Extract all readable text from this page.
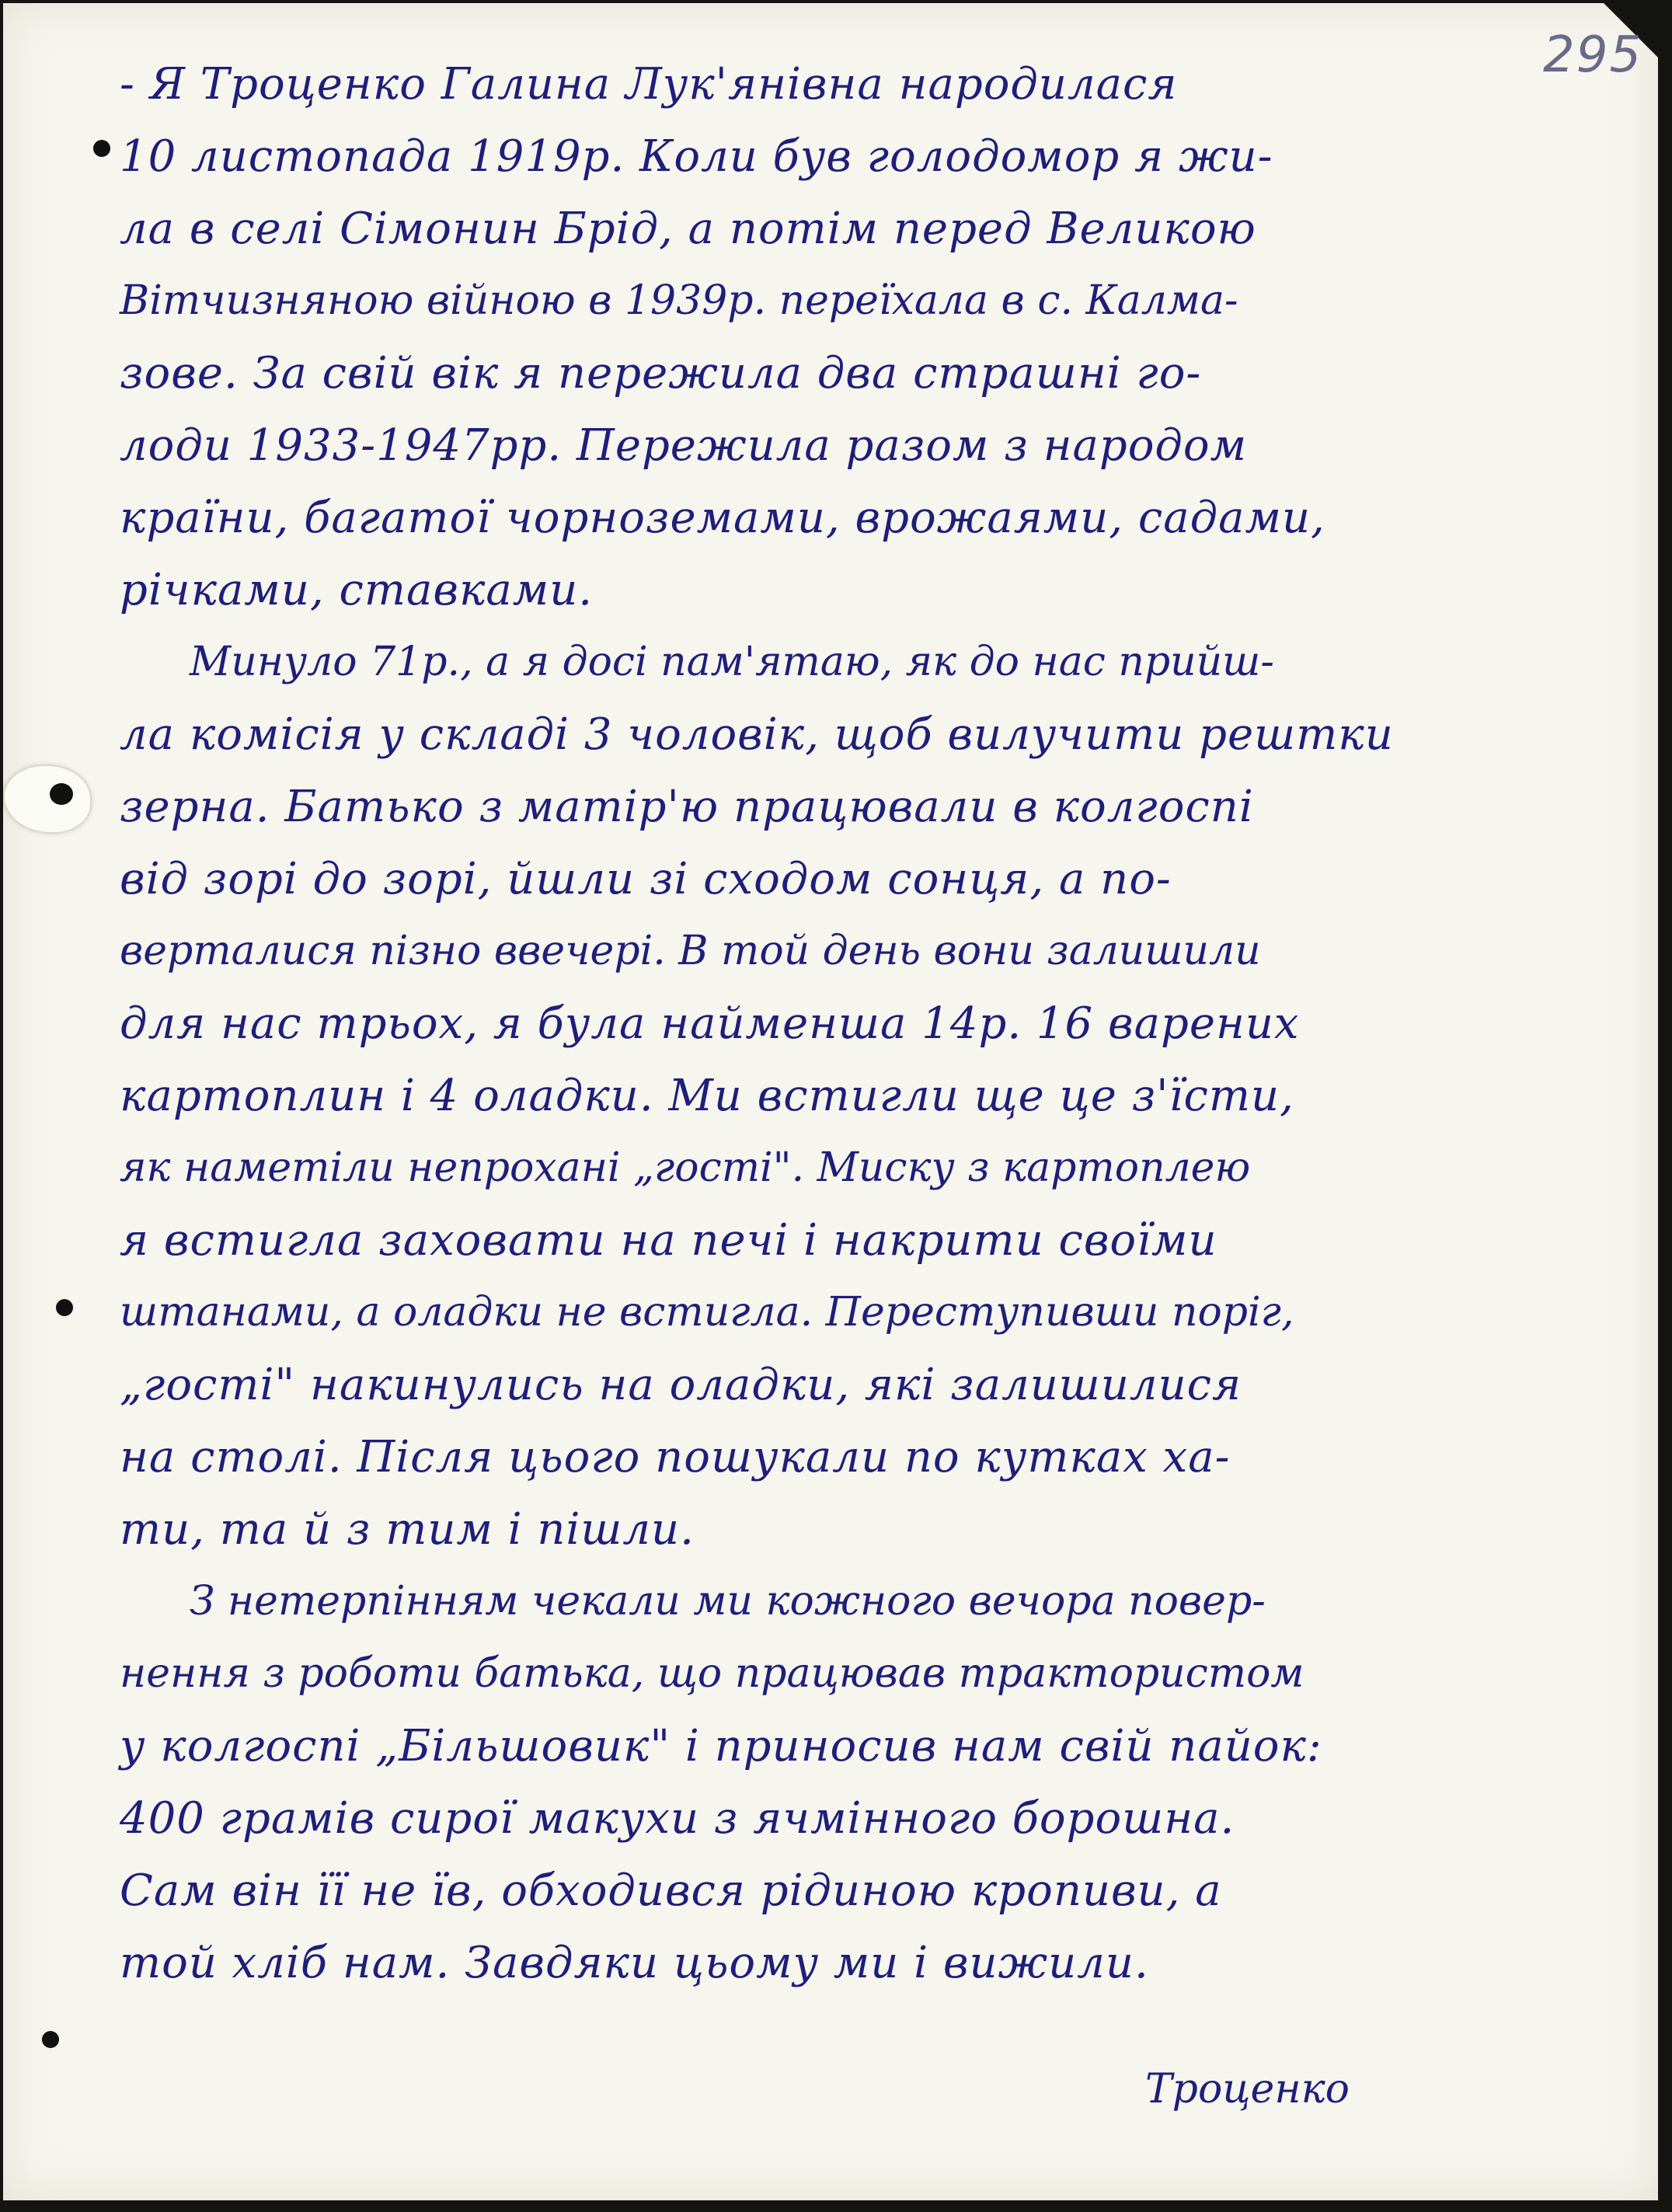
295
- Я Троценко Галина Лук'янівна народилася
10 листопада 1919р. Коли був голодомор я жи-
ла в селі Сімонин Брід, а потім перед Великою
Вітчизняною війною в 1939р. переїхала в с. Калма-
зове. За свій вік я пережила два страшні го-
лоди 1933-1947рр. Пережила разом з народом
країни, багатої чорноземами, врожаями, садами,
річками, ставками.
Минуло 71р., а я досі пам'ятаю, як до нас прийш-
ла комісія у складі 3 чоловік, щоб вилучити рештки
зерна. Батько з матір'ю працювали в колгоспі
від зорі до зорі, йшли зі сходом сонця, а по-
верталися пізно ввечері. В той день вони залишили
для нас трьох, я була найменша 14р. 16 варених
картоплин і 4 оладки. Ми встигли ще це з'їсти,
як наметіли непрохані „гості". Миску з картоплею
я встигла заховати на печі і накрити своїми
штанами, а оладки не встигла. Переступивши поріг,
„гості" накинулись на оладки, які залишилися
на столі. Після цього пошукали по кутках ха-
ти, та й з тим і пішли.
З нетерпінням чекали ми кожного вечора повер-
нення з роботи батька, що працював трактористом
у колгоспі „Більшовик" і приносив нам свій пайок:
400 грамів сирої макухи з ячмінного борошна.
Сам він її не їв, обходився рідиною кропиви, а
той хліб нам. Завдяки цьому ми і вижили.
Троценко
